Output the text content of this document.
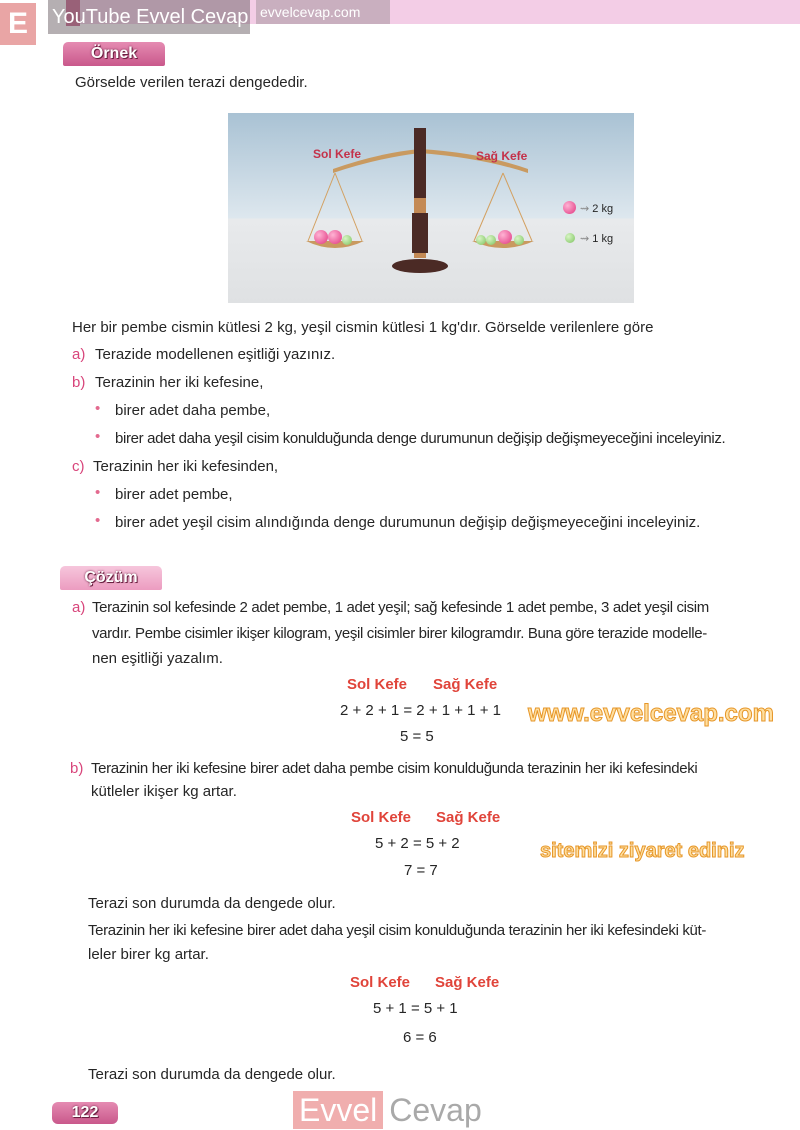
E	YouTube Evvel Cevap evvelcevap.com
Örnek
Görselde verilen terazi dengededir.
Sol Kefe	Sağ Kefe
⇝ 2 kg
⇝ 1 kg
Her bir pembe cismin kütlesi 2 kg, yeşil cismin kütlesi 1 kg'dır. Görselde verilenlere göre
a) Terazide modellenen eşitliği yazınız.
b) Terazinin her iki kefesine,
• birer adet daha pembe,
• birer adet daha yeşil cisim konulduğunda denge durumunun değişip değişmeyeceğini inceleyiniz.
c) Terazinin her iki kefesinden,
• birer adet pembe,
• birer adet yeşil cisim alındığında denge durumunun değişip değişmeyeceğini inceleyiniz.
Çözüm
a) Terazinin sol kefesinde 2 adet pembe, 1 adet yeşil; sağ kefesinde 1 adet pembe, 3 adet yeşil cisim
vardır. Pembe cisimler ikişer kilogram, yeşil cisimler birer kilogramdır. Buna göre terazide modelle-
nen eşitliği yazalım.
Sol Kefe Sağ Kefe
2 + 2 + 1 = 2 + 1 + 1 + 1
5 = 5
b) Terazinin her iki kefesine birer adet daha pembe cisim konulduğunda terazinin her iki kefesindeki
kütleler ikişer kg artar.
Sol Kefe Sağ Kefe
5 + 2 = 5 + 2
7 = 7
Terazi son durumda da dengede olur.
Terazinin her iki kefesine birer adet daha yeşil cisim konulduğunda terazinin her iki kefesindeki küt-
leler birer kg artar.
Sol Kefe Sağ Kefe
5 + 1 = 5 + 1
6 = 6
Terazi son durumda da dengede olur.
122
www.evvelcevap.com
sitemizi ziyaret ediniz
Evvel Cevap
